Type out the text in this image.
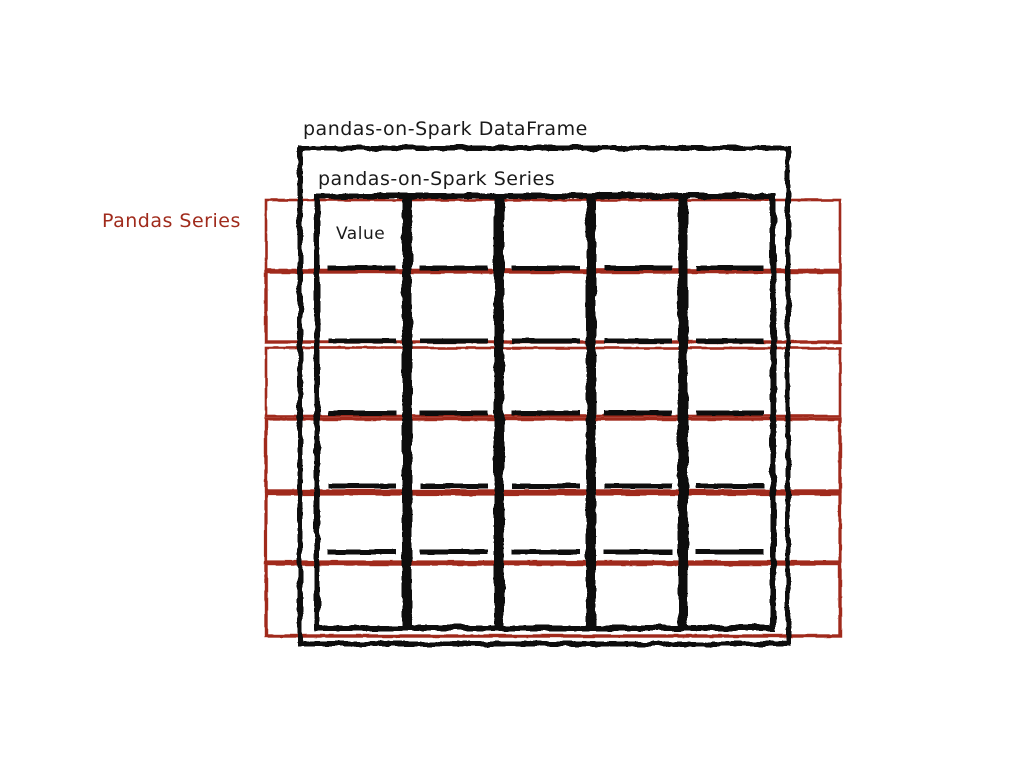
pandas-on-Spark DataFrame
pandas-on-Spark Series
Value
Pandas Series
